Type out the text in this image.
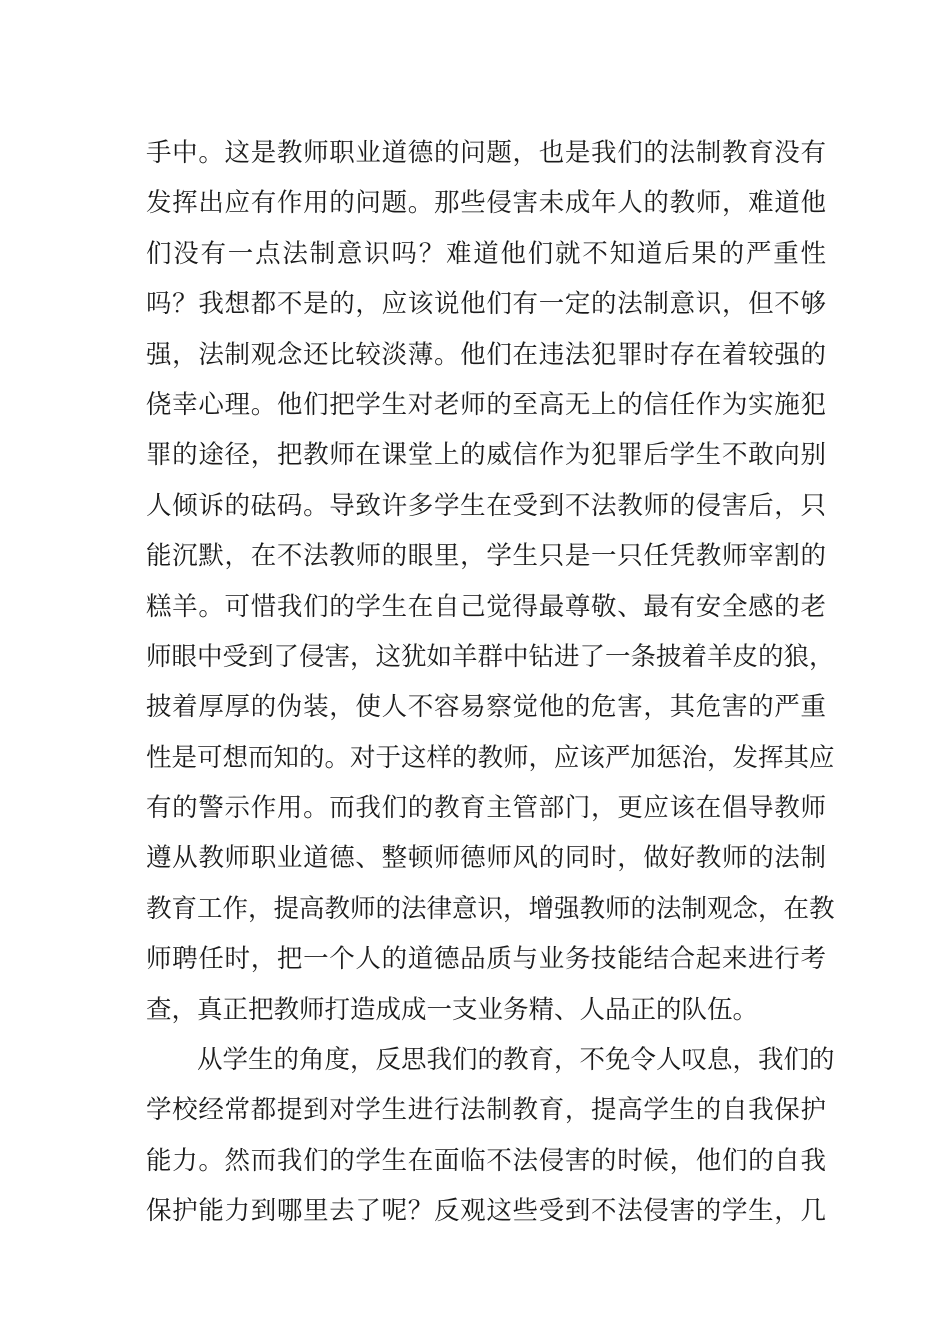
手中。这是教师职业道德的问题，也是我们的法制教育没有
发挥出应有作用的问题。那些侵害未成年人的教师，难道他
们没有一点法制意识吗？难道他们就不知道后果的严重性
吗？我想都不是的，应该说他们有一定的法制意识，但不够
强，法制观念还比较淡薄。他们在违法犯罪时存在着较强的
侥幸心理。他们把学生对老师的至高无上的信任作为实施犯
罪的途径，把教师在课堂上的威信作为犯罪后学生不敢向别
人倾诉的砝码。导致许多学生在受到不法教师的侵害后，只
能沉默，在不法教师的眼里，学生只是一只任凭教师宰割的
糕羊。可惜我们的学生在自己觉得最尊敬、最有安全感的老
师眼中受到了侵害，这犹如羊群中钻进了一条披着羊皮的狼，
披着厚厚的伪装，使人不容易察觉他的危害，其危害的严重
性是可想而知的。对于这样的教师，应该严加惩治，发挥其应
有的警示作用。而我们的教育主管部门，更应该在倡导教师
遵从教师职业道德、整顿师德师风的同时，做好教师的法制
教育工作，提高教师的法律意识，增强教师的法制观念，在教
师聘任时，把一个人的道德品质与业务技能结合起来进行考
查，真正把教师打造成成一支业务精、人品正的队伍。
从学生的角度，反思我们的教育，不免令人叹息，我们的
学校经常都提到对学生进行法制教育，提高学生的自我保护
能力。然而我们的学生在面临不法侵害的时候，他们的自我
保护能力到哪里去了呢？反观这些受到不法侵害的学生，几
